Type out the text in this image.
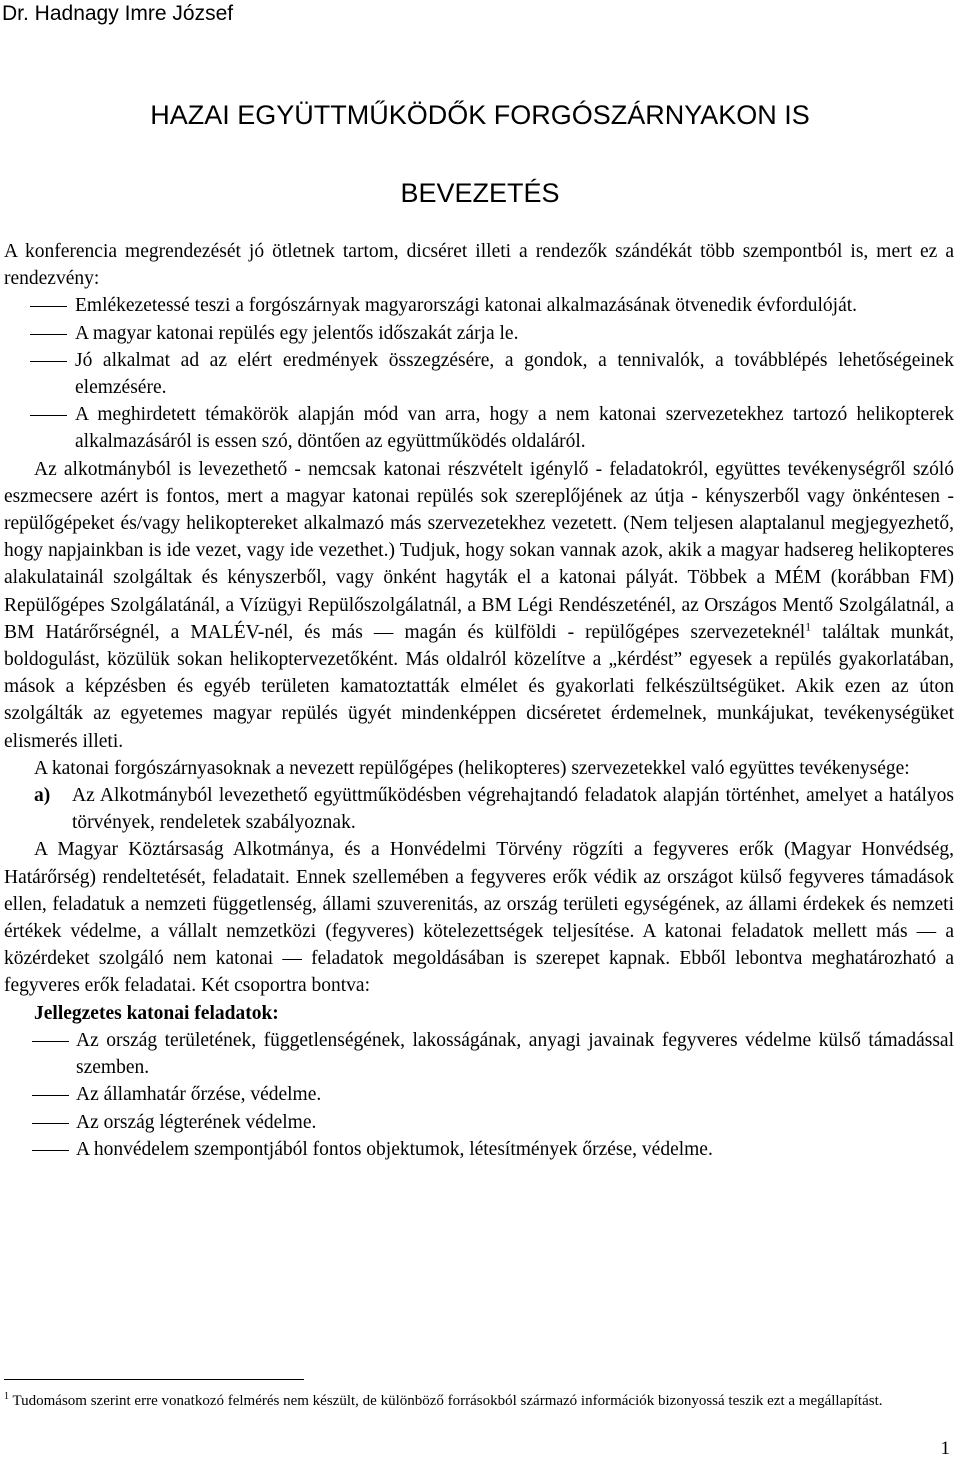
Dr. Hadnagy Imre József
HAZAI EGYÜTTMŰKÖDŐK FORGÓSZÁRNYAKON IS
BEVEZETÉS

A konferencia megrendezését jó ötletnek tartom, dicséret illeti a rendezők szándékát több szempontból is, mert ez a rendezvény:

Emlékezetessé teszi a forgószárnyak magyarországi katonai alkalmazásának ötvenedik évfordulóját.
A magyar katonai repülés egy jelentős időszakát zárja le.
Jó alkalmat ad az elért eredmények összegzésére, a gondok, a tennivalók, a továbblépés lehetőségeinek elemzésére.
A meghirdetett témakörök alapján mód van arra, hogy a nem katonai szervezetekhez tartozó helikopterek alkalmazásáról is essen szó, döntően az együttműködés oldaláról.

Az alkotmányból is levezethető - nemcsak katonai részvételt igénylő - feladatokról, együttes tevékenységről szóló eszmecsere azért is fontos, mert a magyar katonai repülés sok szereplőjének az útja - kényszerből vagy önkéntesen - repülőgépeket és/vagy helikoptereket alkalmazó más szervezetekhez vezetett. (Nem teljesen alaptalanul megjegyezhető, hogy napjainkban is ide vezet, vagy ide vezethet.) Tudjuk, hogy sokan vannak azok, akik a magyar hadsereg helikopteres alakulatainál szolgáltak és kényszerből, vagy önként hagyták el a katonai pályát. Többek a MÉM (korábban FM) Repülőgépes Szolgálatánál, a Vízügyi Repülőszolgálatnál, a BM Légi Rendészeténél, az Országos Mentő Szolgálatnál, a BM Határőrségnél, a MALÉV-nél, és más — magán és külföldi - repülőgépes szervezeteknél$^1$ találtak munkát, boldogulást, közülük sokan helikoptervezetőként. Más oldalról közelítve a „kérdést” egyesek a repülés gyakorlatában, mások a képzésben és egyéb területen kamatoztatták elmélet és gyakorlati felkészültségüket. Akik ezen az úton szolgálták az egyetemes magyar repülés ügyét mindenképpen dicséretet érdemelnek, munkájukat, tevékenységüket elismerés illeti.

A katonai forgószárnyasoknak a nevezett repülőgépes (helikopteres) szervezetekkel való együttes tevékenysége:

a) Az Alkotmányból levezethető együttműködésben végrehajtandó feladatok alapján történhet, amelyet a hatályos törvények, rendeletek szabályoznak.

A Magyar Köztársaság Alkotmánya, és a Honvédelmi Törvény rögzíti a fegyveres erők (Magyar Honvédség, Határőrség) rendeltetését, feladatait. Ennek szellemében a fegyveres erők védik az országot külső fegyveres támadások ellen, feladatuk a nemzeti függetlenség, állami szuverenitás, az ország területi egységének, az állami érdekek és nemzeti értékek védelme, a vállalt nemzetközi (fegyveres) kötelezettségek teljesítése. A katonai feladatok mellett más — a közérdeket szolgáló nem katonai — feladatok megoldásában is szerepet kapnak. Ebből lebontva meghatározható a fegyveres erők feladatai. Két csoportra bontva:

Jellegzetes katonai feladatok:
Az ország területének, függetlenségének, lakosságának, anyagi javainak fegyveres védelme külső támadással szemben.
Az államhatár őrzése, védelme.
Az ország légterének védelme.
A honvédelem szempontjából fontos objektumok, létesítmények őrzése, védelme.
$^1$ Tudomásom szerint erre vonatkozó felmérés nem készült, de különböző forrásokból származó információk bizonyossá teszik ezt a megállapítást.
1
